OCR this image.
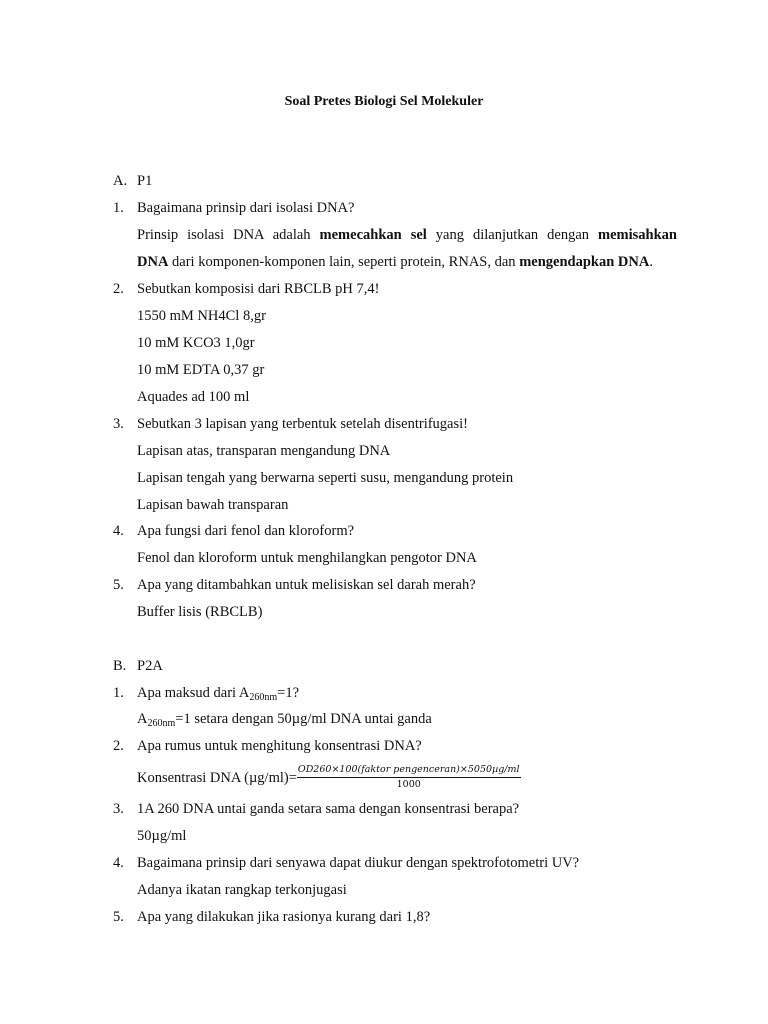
Soal Pretes Biologi Sel Molekuler
A. P1
1. Bagaimana prinsip dari isolasi DNA?
Prinsip isolasi DNA adalah memecahkan sel yang dilanjutkan dengan memisahkan
DNA dari komponen-komponen lain, seperti protein, RNAS, dan mengendapkan DNA.
2. Sebutkan komposisi dari RBCLB pH 7,4!
1550 mM NH4Cl 8,gr
10 mM KCO3 1,0gr
10 mM EDTA 0,37 gr
Aquades ad 100 ml
3. Sebutkan 3 lapisan yang terbentuk setelah disentrifugasi!
Lapisan atas, transparan mengandung DNA
Lapisan tengah yang berwarna seperti susu, mengandung protein
Lapisan bawah transparan
4. Apa fungsi dari fenol dan kloroform?
Fenol dan kloroform untuk menghilangkan pengotor DNA
5. Apa yang ditambahkan untuk melisiskan sel darah merah?
Buffer lisis (RBCLB)
B. P2A
1. Apa maksud dari $A_{260nm}=1$?
$A_{260nm}=1$ setara dengan 50µg/ml DNA untai ganda
2. Apa rumus untuk menghitung konsentrasi DNA?
Konsentrasi DNA $(\mu g/ml)= \frac{\text{OD260×100(faktor pengenceran)×5050µg/ml}}{1000}$
3. 1A 260 DNA untai ganda setara sama dengan konsentrasi berapa?
50µg/ml
4. Bagaimana prinsip dari senyawa dapat diukur dengan spektrofotometri UV?
Adanya ikatan rangkap terkonjugasi
5. Apa yang dilakukan jika rasionya kurang dari 1,8?
